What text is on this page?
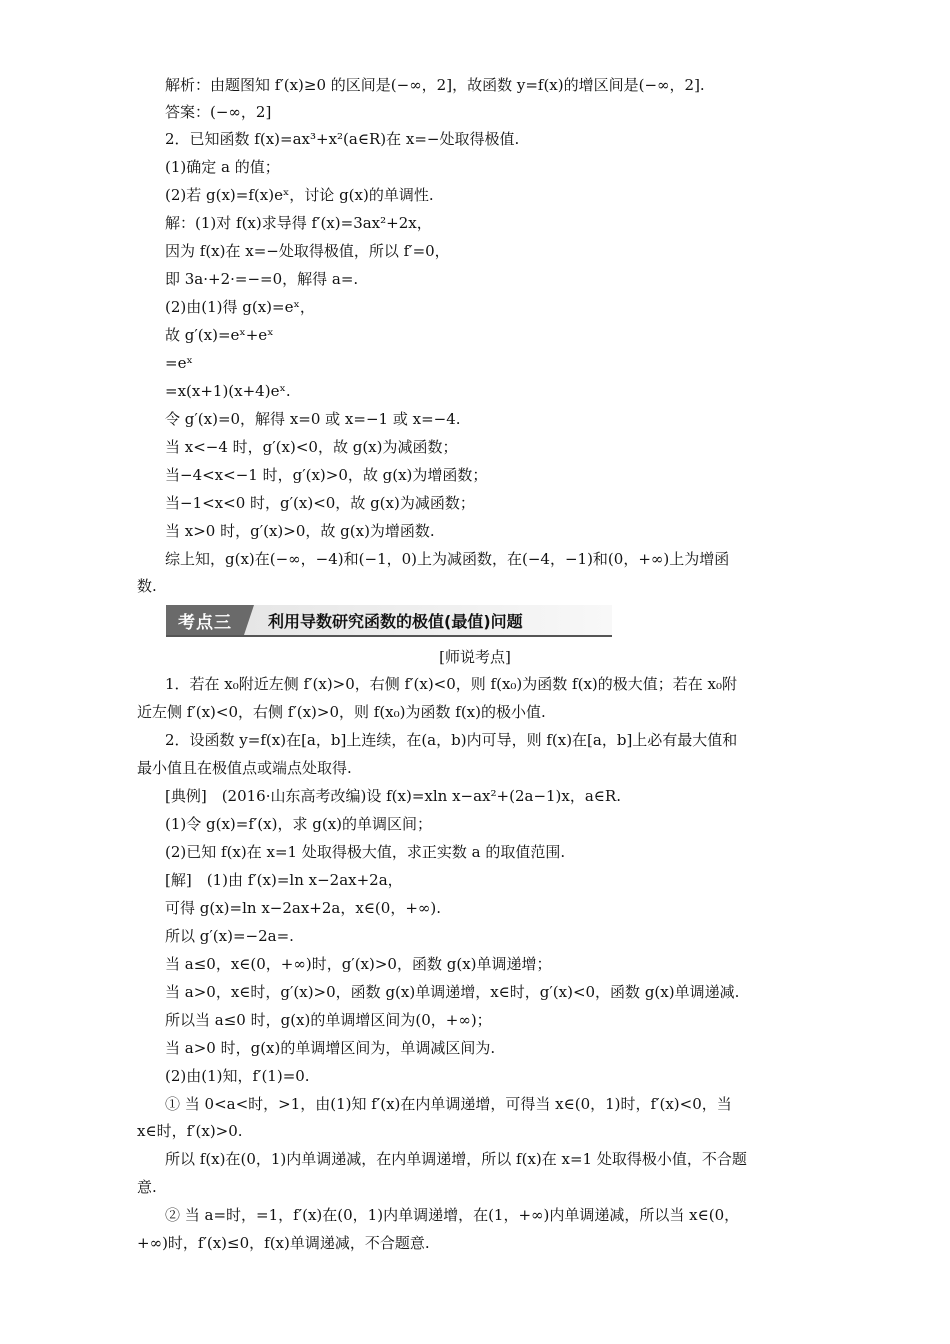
解析：由题图知 f′(x)≥0 的区间是(−∞，2]，故函数 y=f(x)的增区间是(−∞，2].
答案：(−∞，2]
2．已知函数 f(x)=ax³+x²(a∈R)在 x=−处取得极值.
(1)确定 a 的值；
(2)若 g(x)=f(x)eˣ，讨论 g(x)的单调性.
解：(1)对 f(x)求导得 f′(x)=3ax²+2x，
因为 f(x)在 x=−处取得极值，所以 f′=0，
即 3a·+2·=−=0，解得 a=.
(2)由(1)得 g(x)=eˣ，
故 g′(x)=eˣ+eˣ
=eˣ
=x(x+1)(x+4)eˣ.
令 g′(x)=0，解得 x=0 或 x=−1 或 x=−4.
当 x<−4 时，g′(x)<0，故 g(x)为减函数；
当−4<x<−1 时，g′(x)>0，故 g(x)为增函数；
当−1<x<0 时，g′(x)<0，故 g(x)为减函数；
当 x>0 时，g′(x)>0，故 g(x)为增函数.
综上知，g(x)在(−∞，−4)和(−1，0)上为减函数，在(−4，−1)和(0，+∞)上为增函
数.
考点三	利用导数研究函数的极值(最值)问题
[师说考点]
1．若在 x₀附近左侧 f′(x)>0，右侧 f′(x)<0，则 f(x₀)为函数 f(x)的极大值；若在 x₀附
近左侧 f′(x)<0，右侧 f′(x)>0，则 f(x₀)为函数 f(x)的极小值.
2．设函数 y=f(x)在[a，b]上连续，在(a，b)内可导，则 f(x)在[a，b]上必有最大值和
最小值且在极值点或端点处取得.
[典例]　(2016·山东高考改编)设 f(x)=xln x−ax²+(2a−1)x，a∈R.
(1)令 g(x)=f′(x)，求 g(x)的单调区间；
(2)已知 f(x)在 x=1 处取得极大值，求正实数 a 的取值范围.
[解]　(1)由 f′(x)=ln x−2ax+2a，
可得 g(x)=ln x−2ax+2a，x∈(0，+∞).
所以 g′(x)=−2a=.
当 a≤0，x∈(0，+∞)时，g′(x)>0，函数 g(x)单调递增；
当 a>0，x∈时，g′(x)>0，函数 g(x)单调递增，x∈时，g′(x)<0，函数 g(x)单调递减.
所以当 a≤0 时，g(x)的单调增区间为(0，+∞)；
当 a>0 时，g(x)的单调增区间为，单调减区间为.
(2)由(1)知，f′(1)=0.
① 当 0<a<时，>1，由(1)知 f′(x)在内单调递增，可得当 x∈(0，1)时，f′(x)<0，当
x∈时，f′(x)>0.
所以 f(x)在(0，1)内单调递减，在内单调递增，所以 f(x)在 x=1 处取得极小值，不合题
意.
② 当 a=时，=1，f′(x)在(0，1)内单调递增，在(1，+∞)内单调递减，所以当 x∈(0，
+∞)时，f′(x)≤0，f(x)单调递减，不合题意.
